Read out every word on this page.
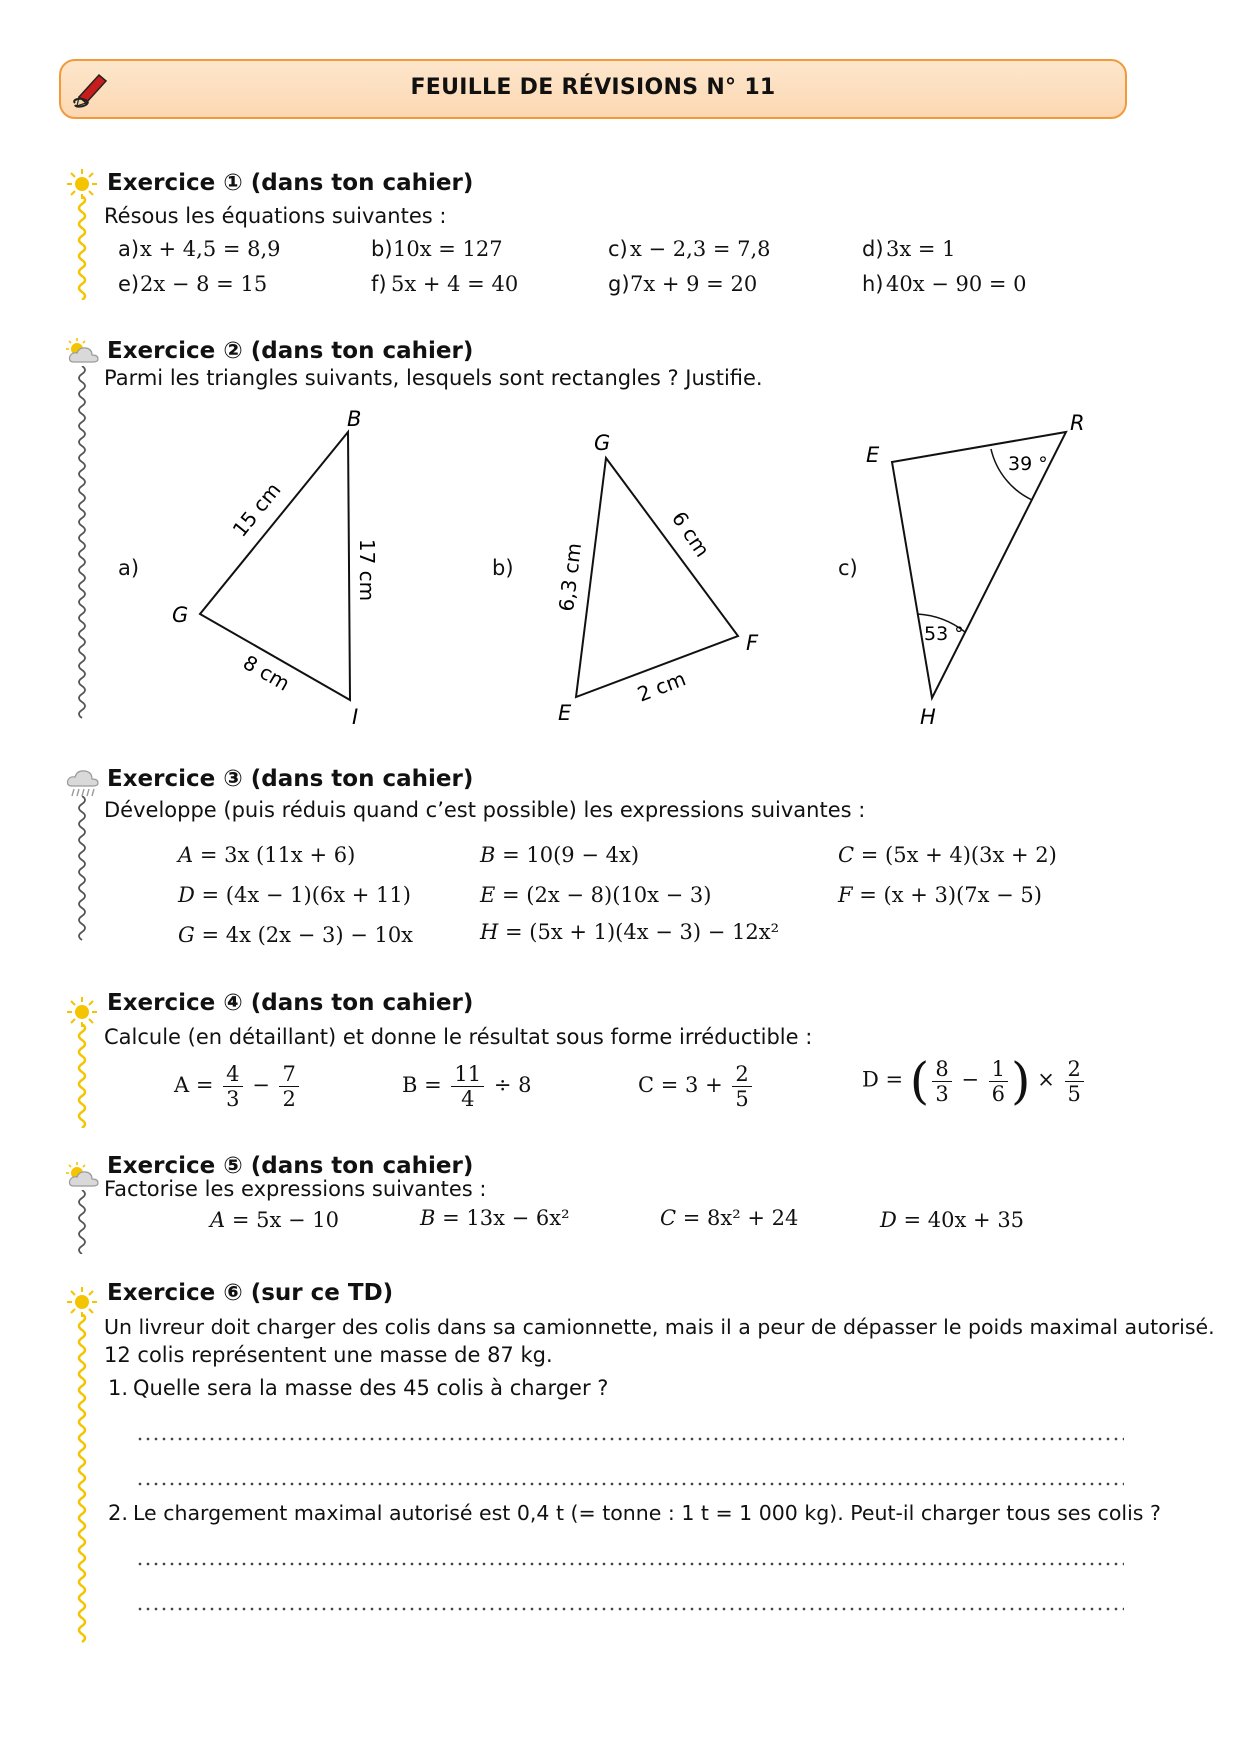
FEUILLE DE RÉVISIONS N° 11
Exercice ① (dans ton cahier)
Résous les équations suivantes :
a) x + 4,5 = 8,9	b) 10x = 127	c) x − 2,3 = 7,8	d) 3x = 1
e) 2x − 8 = 15	f) 5x + 4 = 40	g) 7x + 9 = 20	h) 40x − 90 = 0
Exercice ② (dans ton cahier)
Parmi les triangles suivants, lesquels sont rectangles ? Justifie.
a)	b)	c)
B
G
I
15 cm
17 cm
8 cm
G
E
F
6,3 cm
6 cm
2 cm
E
R
H
39 °
53 °
Exercice ③ (dans ton cahier)
Développe (puis réduis quand c’est possible) les expressions suivantes :
A = 3x (11x + 6)	B = 10(9 − 4x)	C = (5x + 4)(3x + 2)
D = (4x − 1)(6x + 11)	E = (2x − 8)(10x − 3)	F = (x + 3)(7x − 5)
G = 4x (2x − 3) − 10x	H = (5x + 1)(4x − 3) − 12x²
Exercice ④ (dans ton cahier)
Calcule (en détaillant) et donne le résultat sous forme irréductible :
$A = \frac{4}{3} - \frac{7}{2}$	$B = \frac{11}{4} \div 8$	$C = 3 + \frac{2}{5}$	D = ( $\frac{8}{3} - \frac{1}{6}$ ) × $\frac{2}{5}$
Exercice ⑤ (dans ton cahier)
Factorise les expressions suivantes :
A = 5x − 10	B = 13x − 6x²	C = 8x² + 24	D = 40x + 35
Exercice ⑥ (sur ce TD)
Un livreur doit charger des colis dans sa camionnette, mais il a peur de dépasser le poids maximal autorisé.
12 colis représentent une masse de 87 kg.
1. Quelle sera la masse des 45 colis à charger ?
2. Le chargement maximal autorisé est 0,4 t (= tonne : 1 t = 1 000 kg). Peut-il charger tous ses colis ?
